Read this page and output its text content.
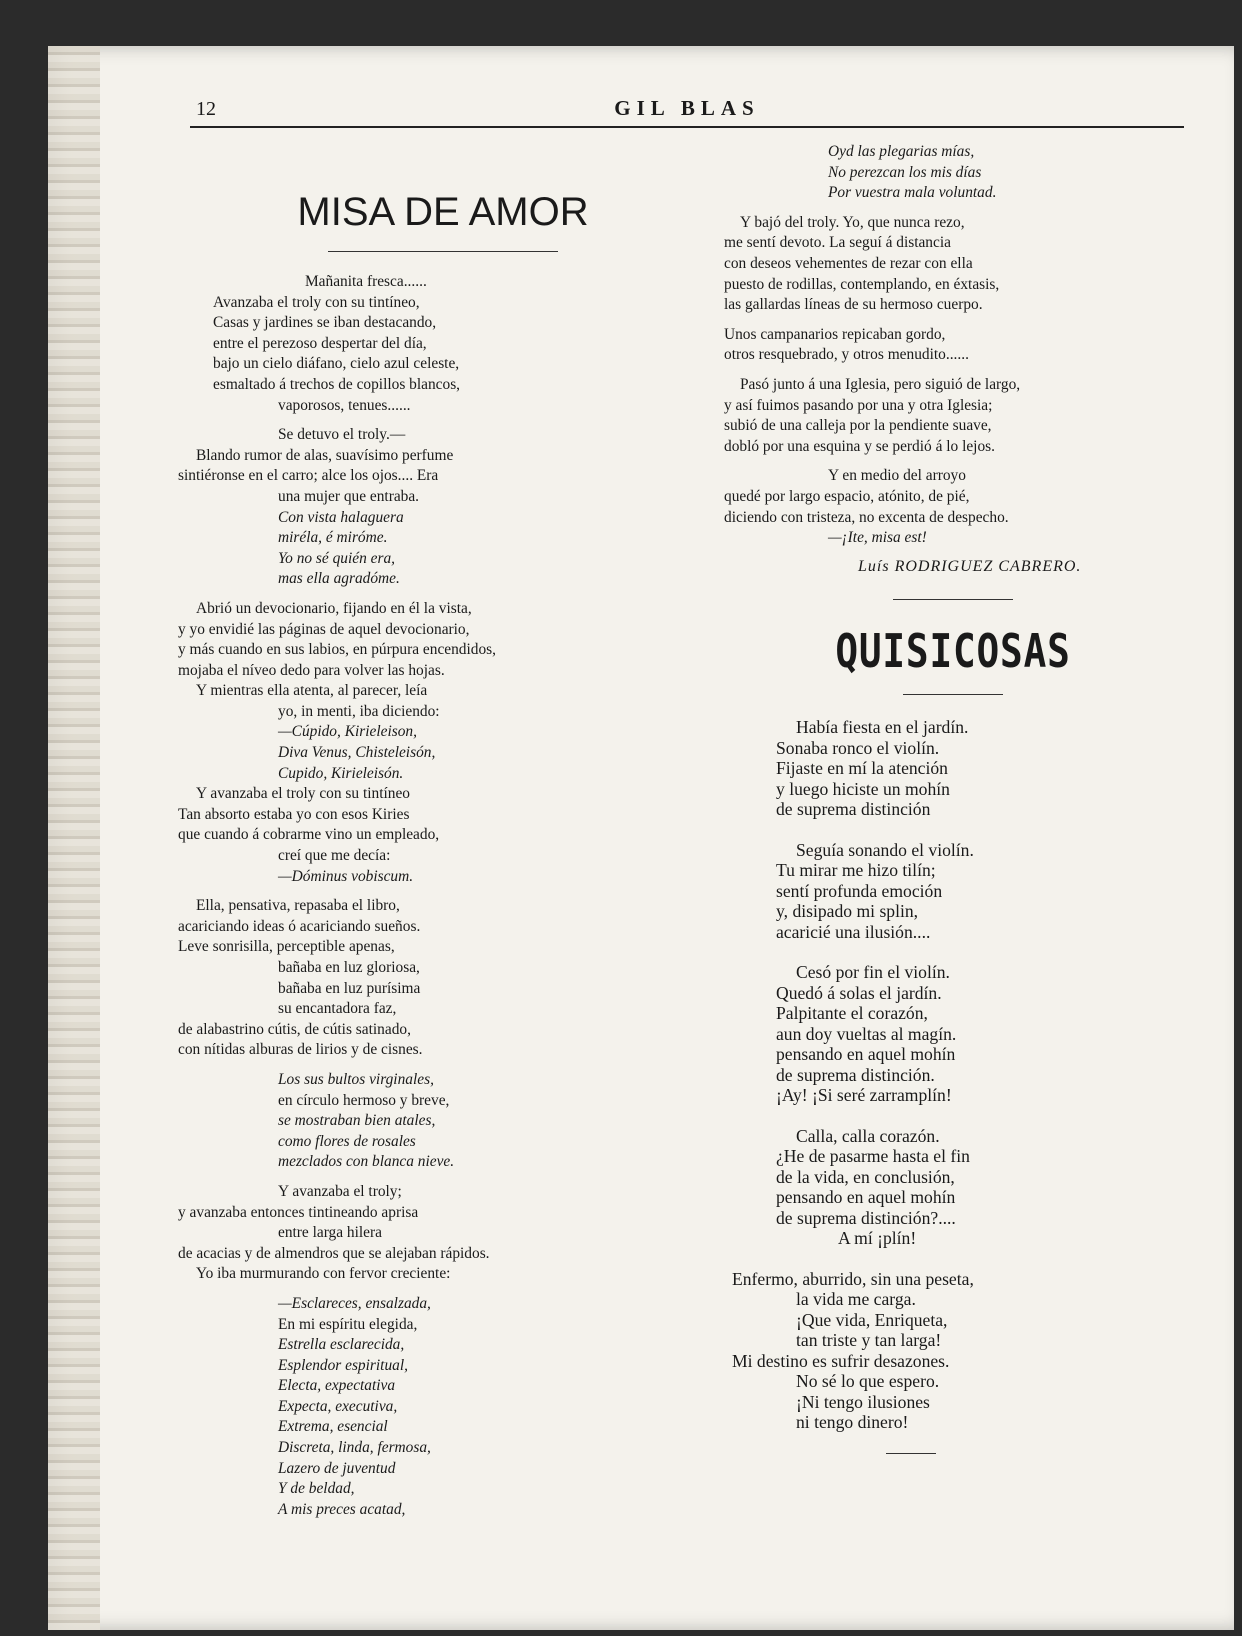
12	GIL BLAS
MISA DE AMOR
Mañanita fresca......
Avanzaba el troly con su tintíneo,
Casas y jardines se iban destacando,
entre el perezoso despertar del día,
bajo un cielo diáfano, cielo azul celeste,
esmaltado á trechos de copillos blancos,
vaporosos, tenues......
Se detuvo el troly.—
Blando rumor de alas, suavísimo perfume
sintiéronse en el carro; alce los ojos.... Era
una mujer que entraba.
Con vista halaguera
miréla, é miróme.
Yo no sé quién era,
mas ella agradóme.
Abrió un devocionario, fijando en él la vista,
y yo envidié las páginas de aquel devocionario,
y más cuando en sus labios, en púrpura encendidos,
mojaba el níveo dedo para volver las hojas.
Y mientras ella atenta, al parecer, leía
yo, in menti, iba diciendo:
—Cúpido, Kirieleison,
Diva Venus, Chisteleisón,
Cupido, Kirieleisón.
Y avanzaba el troly con su tintíneo
Tan absorto estaba yo con esos Kiries
que cuando á cobrarme vino un empleado,
creí que me decía:
—Dóminus vobiscum.
Ella, pensativa, repasaba el libro,
acariciando ideas ó acariciando sueños.
Leve sonrisilla, perceptible apenas,
bañaba en luz gloriosa,
bañaba en luz purísima
su encantadora faz,
de alabastrino cútis, de cútis satinado,
con nítidas alburas de lirios y de cisnes.
Los sus bultos virginales,
en círculo hermoso y breve,
se mostraban bien atales,
como flores de rosales
mezclados con blanca nieve.
Y avanzaba el troly;
y avanzaba entonces tintineando aprisa
entre larga hilera
de acacias y de almendros que se alejaban rápidos.
Yo iba murmurando con fervor creciente:
—Esclareces, ensalzada,
En mi espíritu elegida,
Estrella esclarecida,
Esplendor espiritual,
Electa, expectativa
Expecta, executiva,
Extrema, esencial
Discreta, linda, fermosa,
Lazero de juventud
Y de beldad,
A mis preces acatad,
Oyd las plegarias mías,
No perezcan los mis días
Por vuestra mala voluntad.
Y bajó del troly. Yo, que nunca rezo,
me sentí devoto. La seguí á distancia
con deseos vehementes de rezar con ella
puesto de rodillas, contemplando, en éxtasis,
las gallardas líneas de su hermoso cuerpo.
Unos campanarios repicaban gordo,
otros resquebrado, y otros menudito......
Pasó junto á una Iglesia, pero siguió de largo,
y así fuimos pasando por una y otra Iglesia;
subió de una calleja por la pendiente suave,
dobló por una esquina y se perdió á lo lejos.
Y en medio del arroyo
quedé por largo espacio, atónito, de pié,
diciendo con tristeza, no excenta de despecho.
—¡Ite, misa est!
Luís RODRIGUEZ CABRERO.
QUISICOSAS
Había fiesta en el jardín.
Sonaba ronco el violín.
Fijaste en mí la atención
y luego hiciste un mohín
de suprema distinción
Seguía sonando el violín.
Tu mirar me hizo tilín;
sentí profunda emoción
y, disipado mi splin,
acaricié una ilusión....
Cesó por fin el violín.
Quedó á solas el jardín.
Palpitante el corazón,
aun doy vueltas al magín.
pensando en aquel mohín
de suprema distinción.
¡Ay! ¡Si seré zarramplín!
Calla, calla corazón.
¿He de pasarme hasta el fin
de la vida, en conclusión,
pensando en aquel mohín
de suprema distinción?....
A mí ¡plín!
Enfermo, aburrido, sin una peseta,
la vida me carga.
¡Que vida, Enriqueta,
tan triste y tan larga!
Mi destino es sufrir desazones.
No sé lo que espero.
¡Ni tengo ilusiones
ni tengo dinero!
